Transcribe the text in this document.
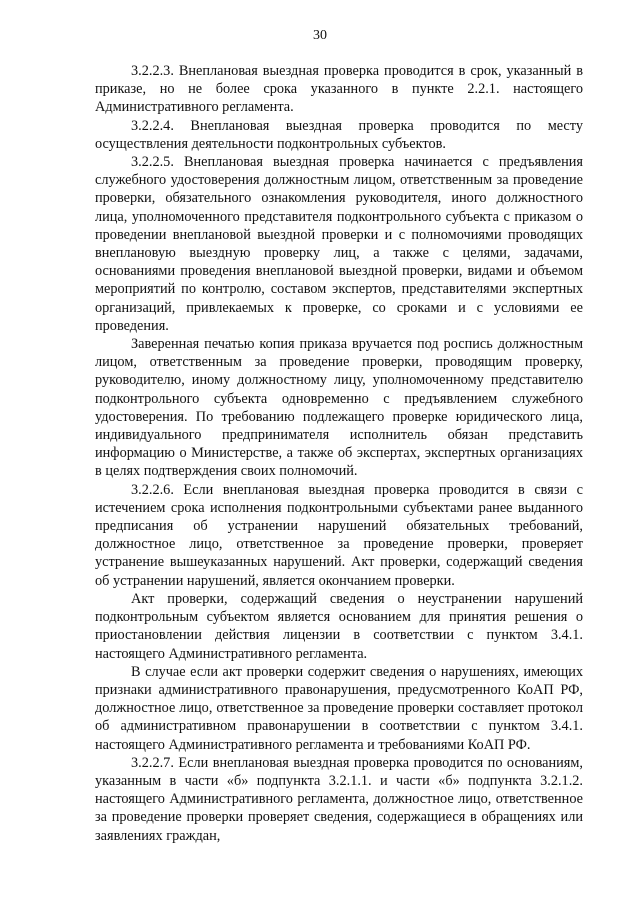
30

3.2.2.3. Внеплановая выездная проверка проводится в срок, указанный в приказе, но не более срока указанного в пункте 2.2.1. настоящего Административного регламента.

3.2.2.4. Внеплановая выездная проверка проводится по месту осуществления деятельности подконтрольных субъектов.

3.2.2.5. Внеплановая выездная проверка начинается с предъявления служебного удостоверения должностным лицом, ответственным за проведение проверки, обязательного ознакомления руководителя, иного должностного лица, уполномоченного представителя подконтрольного субъекта с приказом о проведении внеплановой выездной проверки и с полномочиями проводящих внеплановую выездную проверку лиц, а также с целями, задачами, основаниями проведения внеплановой выездной проверки, видами и объемом мероприятий по контролю, составом экспертов, представителями экспертных организаций, привлекаемых к проверке, со сроками и с условиями ее проведения.

Заверенная печатью копия приказа вручается под роспись должностным лицом, ответственным за проведение проверки, проводящим проверку, руководителю, иному должностному лицу, уполномоченному представителю подконтрольного субъекта одновременно с предъявлением служебного удостоверения. По требованию подлежащего проверке юридического лица, индивидуального предпринимателя исполнитель обязан представить информацию о Министерстве, а также об экспертах, экспертных организациях в целях подтверждения своих полномочий.

3.2.2.6. Если внеплановая выездная проверка проводится в связи с истечением срока исполнения подконтрольными субъектами ранее выданного предписания об устранении нарушений обязательных требований, должностное лицо, ответственное за проведение проверки, проверяет устранение вышеуказанных нарушений. Акт проверки, содержащий сведения об устранении нарушений, является окончанием проверки.

Акт проверки, содержащий сведения о неустранении нарушений подконтрольным субъектом является основанием для принятия решения о приостановлении действия лицензии в соответствии с пунктом 3.4.1. настоящего Административного регламента.

В случае если акт проверки содержит сведения о нарушениях, имеющих признаки административного правонарушения, предусмотренного КоАП РФ, должностное лицо, ответственное за проведение проверки составляет протокол об административном правонарушении в соответствии с пунктом 3.4.1. настоящего Административного регламента и требованиями КоАП РФ.

3.2.2.7. Если внеплановая выездная проверка проводится по основаниям, указанным в части «б» подпункта 3.2.1.1. и части «б» подпункта 3.2.1.2. настоящего Административного регламента, должностное лицо, ответственное за проведение проверки проверяет сведения, содержащиеся в обращениях или заявлениях граждан,
